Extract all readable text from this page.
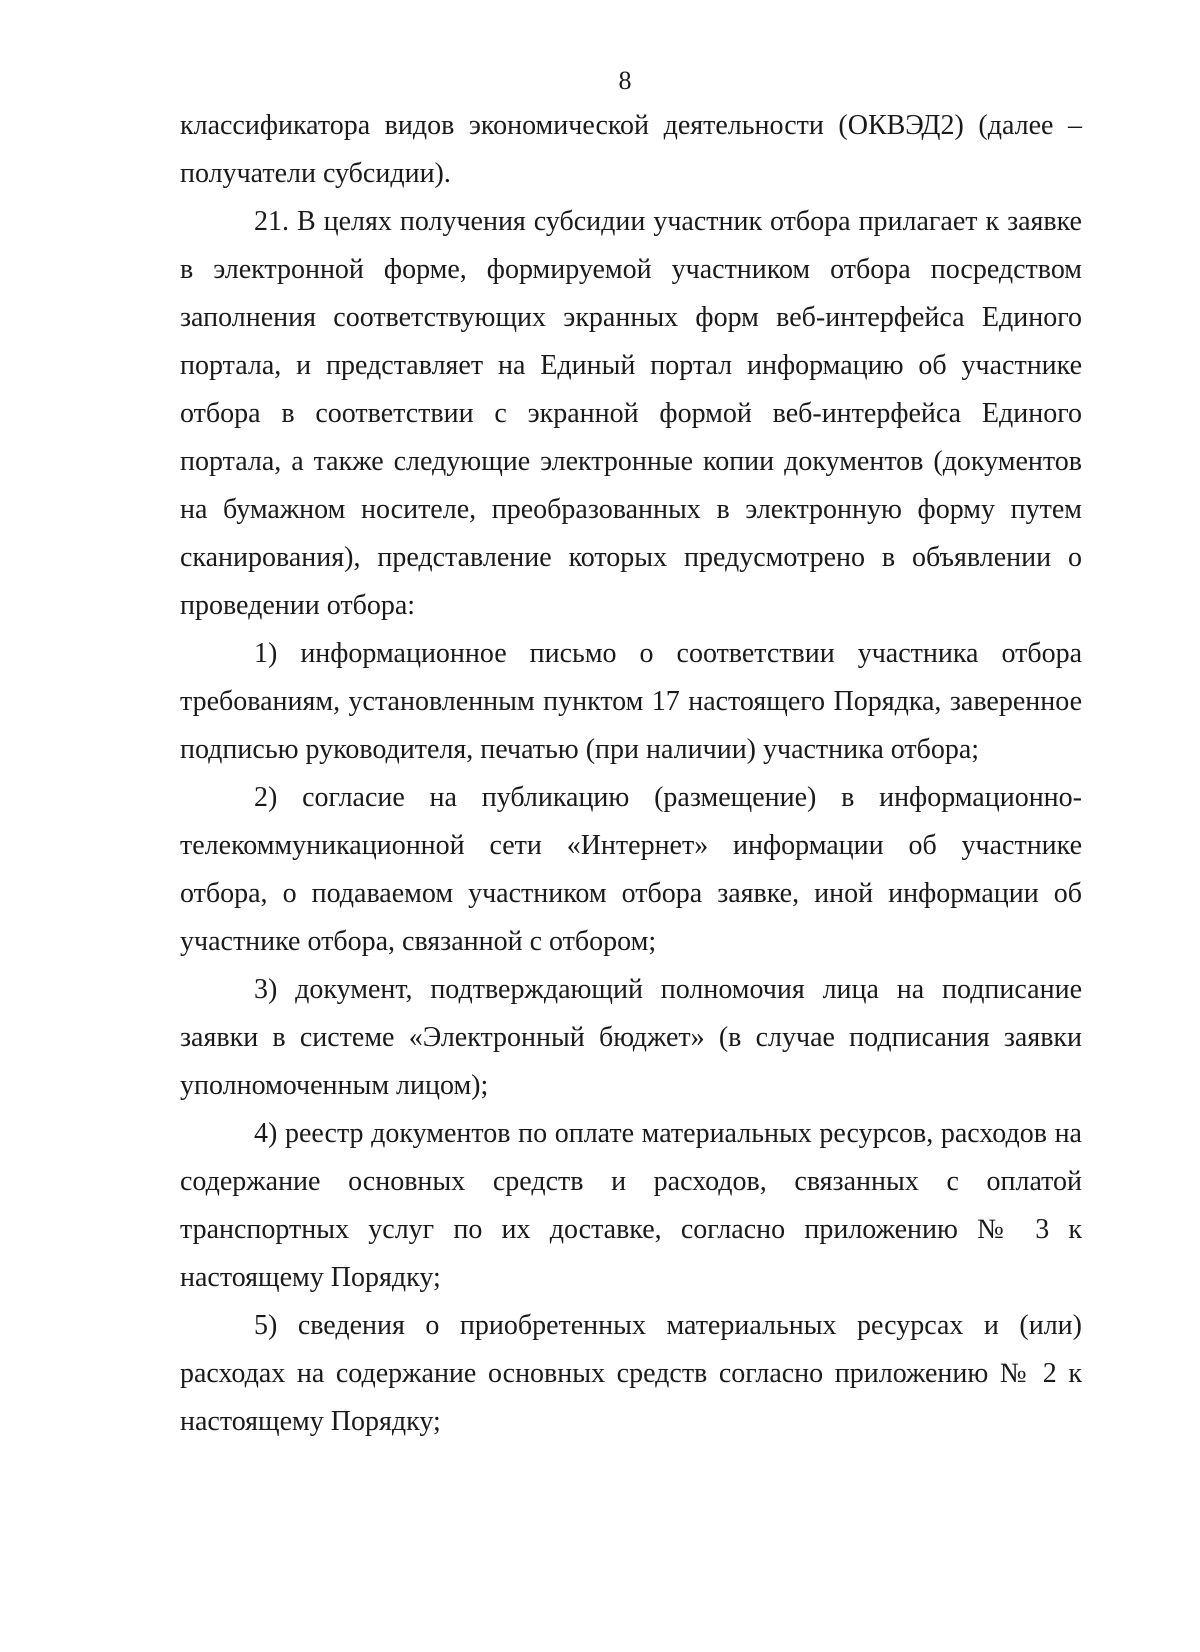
8

классификатора видов экономической деятельности (ОКВЭД2) (далее – получатели субсидии).

21. В целях получения субсидии участник отбора прилагает к заявке в электронной форме, формируемой участником отбора посредством заполнения соответствующих экранных форм веб-интерфейса Единого портала, и представляет на Единый портал информацию об участнике отбора в соответствии с экранной формой веб-интерфейса Единого портала, а также следующие электронные копии документов (документов на бумажном носителе, преобразованных в электронную форму путем сканирования), представление которых предусмотрено в объявлении о проведении отбора:

1) информационное письмо о соответствии участника отбора требованиям, установленным пунктом 17 настоящего Порядка, заверенное подписью руководителя, печатью (при наличии) участника отбора;

2) согласие на публикацию (размещение) в информационно-телекоммуникационной сети «Интернет» информации об участнике отбора, о подаваемом участником отбора заявке, иной информации об участнике отбора, связанной с отбором;

3) документ, подтверждающий полномочия лица на подписание заявки в системе «Электронный бюджет» (в случае подписания заявки уполномоченным лицом);

4) реестр документов по оплате материальных ресурсов, расходов на содержание основных средств и расходов, связанных с оплатой транспортных услуг по их доставке, согласно приложению № 3 к настоящему Порядку;

5) сведения о приобретенных материальных ресурсах и (или) расходах на содержание основных средств согласно приложению № 2 к настоящему Порядку;
